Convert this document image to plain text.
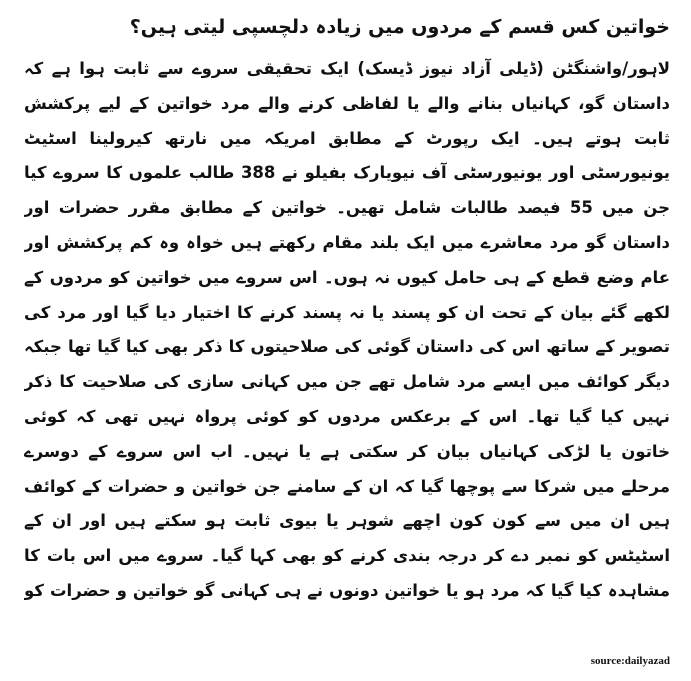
خواتین کس قسم کے مردوں میں زیادہ دلچسپی لیتی ہیں؟

لاہور/واشنگٹن (ڈیلی آزاد نیوز ڈیسک) ایک تحقیقی سروے سے ثابت ہوا ہے کہ داستان گو، کہانیاں بنانے والے یا لفاظی کرنے والے مرد خواتین کے لیے پرکشش ثابت ہوتے ہیں۔ ایک رپورٹ کے مطابق امریکہ میں نارتھ کیرولینا اسٹیٹ یونیورسٹی اور یونیورسٹی آف نیویارک بفیلو نے 388 طالب علموں کا سروے کیا جن میں 55 فیصد طالبات شامل تھیں۔ خواتین کے مطابق مقرر حضرات اور داستان گو مرد معاشرے میں ایک بلند مقام رکھتے ہیں خواہ وہ کم پرکشش اور عام وضع قطع کے ہی حامل کیوں نہ ہوں۔ اس سروے میں خواتین کو مردوں کے لکھے گئے بیان کے تحت ان کو پسند یا نہ پسند کرنے کا اختیار دیا گیا اور مرد کی تصویر کے ساتھ اس کی داستان گوئی کی صلاحیتوں کا ذکر بھی کیا گیا تھا جبکہ دیگر کوائف میں ایسے مرد شامل تھے جن میں کہانی سازی کی صلاحیت کا ذکر نہیں کیا گیا تھا۔ اس کے برعکس مردوں کو کوئی پرواہ نہیں تھی کہ کوئی خاتون یا لڑکی کہانیاں بیان کر سکتی ہے یا نہیں۔ اب اس سروے کے دوسرے مرحلے میں شرکا سے پوچھا گیا کہ ان کے سامنے جن خواتین و حضرات کے کوائف ہیں ان میں سے کون کون اچھے شوہر یا بیوی ثابت ہو سکتے ہیں اور ان کے اسٹیٹس کو نمبر دے کر درجہ بندی کرنے کو بھی کہا گیا۔ سروے میں اس بات کا مشاہدہ کیا گیا کہ مرد ہو یا خواتین دونوں نے ہی کہانی گو خواتین و حضرات کو

source:dailyazad
